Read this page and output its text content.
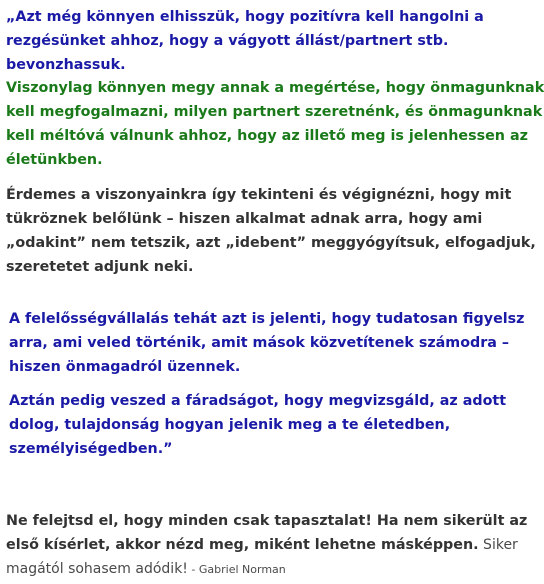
„Azt még könnyen elhisszük, hogy pozitívra kell hangolni a
rezgésünket ahhoz, hogy a vágyott állást/partnert stb.
bevonzhassuk.
Viszonylag könnyen megy annak a megértése, hogy önmagunknak
kell megfogalmazni, milyen partnert szeretnénk, és önmagunknak
kell méltóvá válnunk ahhoz, hogy az illető meg is jelenhessen az
életünkben.
Érdemes a viszonyainkra így tekinteni és végignézni, hogy mit
tükröznek belőlünk – hiszen alkalmat adnak arra, hogy ami
„odakint” nem tetszik, azt „idebent” meggyógyítsuk, elfogadjuk,
szeretetet adjunk neki.
A felelősségvállalás tehát azt is jelenti, hogy tudatosan figyelsz
arra, ami veled történik, amit mások közvetítenek számodra –
hiszen önmagadról üzennek.
Aztán pedig veszed a fáradságot, hogy megvizsgáld, az adott
dolog, tulajdonság hogyan jelenik meg a te életedben,
személyiségedben.”
Ne felejtsd el, hogy minden csak tapasztalat! Ha nem sikerült az
első kísérlet, akkor nézd meg, miként lehetne másképpen. Siker
magától sohasem adódik! - Gabriel Norman
